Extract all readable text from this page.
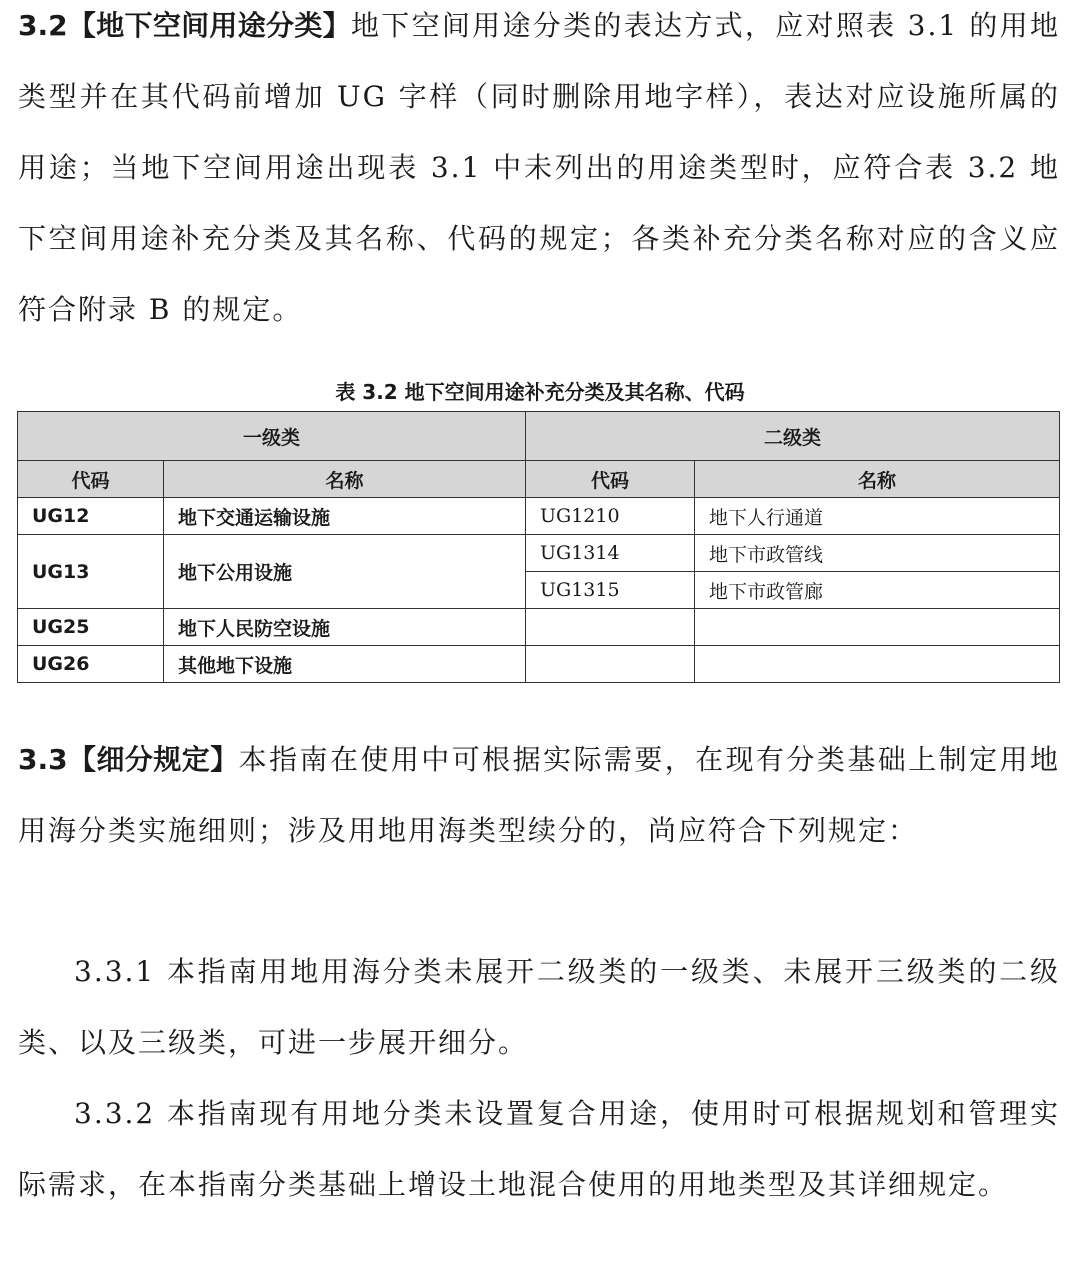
3.2【地下空间用途分类】地下空间用途分类的表达方式，应对照表 3.1 的用地类型并在其代码前增加 UG 字样（同时删除用地字样），表达对应设施所属的用途；当地下空间用途出现表 3.1 中未列出的用途类型时，应符合表 3.2 地下空间用途补充分类及其名称、代码的规定；各类补充分类名称对应的含义应符合附录 B 的规定。

表 3.2 地下空间用途补充分类及其名称、代码
一级类		二级类	
代码	名称	代码	名称
UG12	地下交通运输设施	UG1210	地下人行通道
UG13	地下公用设施	UG1314	地下市政管线
		UG1315	地下市政管廊
UG25	地下人民防空设施		
UG26	其他地下设施		

3.3【细分规定】本指南在使用中可根据实际需要，在现有分类基础上制定用地用海分类实施细则；涉及用地用海类型续分的，尚应符合下列规定：

3.3.1 本指南用地用海分类未展开二级类的一级类、未展开三级类的二级类、以及三级类，可进一步展开细分。

3.3.2 本指南现有用地分类未设置复合用途，使用时可根据规划和管理实际需求，在本指南分类基础上增设土地混合使用的用地类型及其详细规定。
